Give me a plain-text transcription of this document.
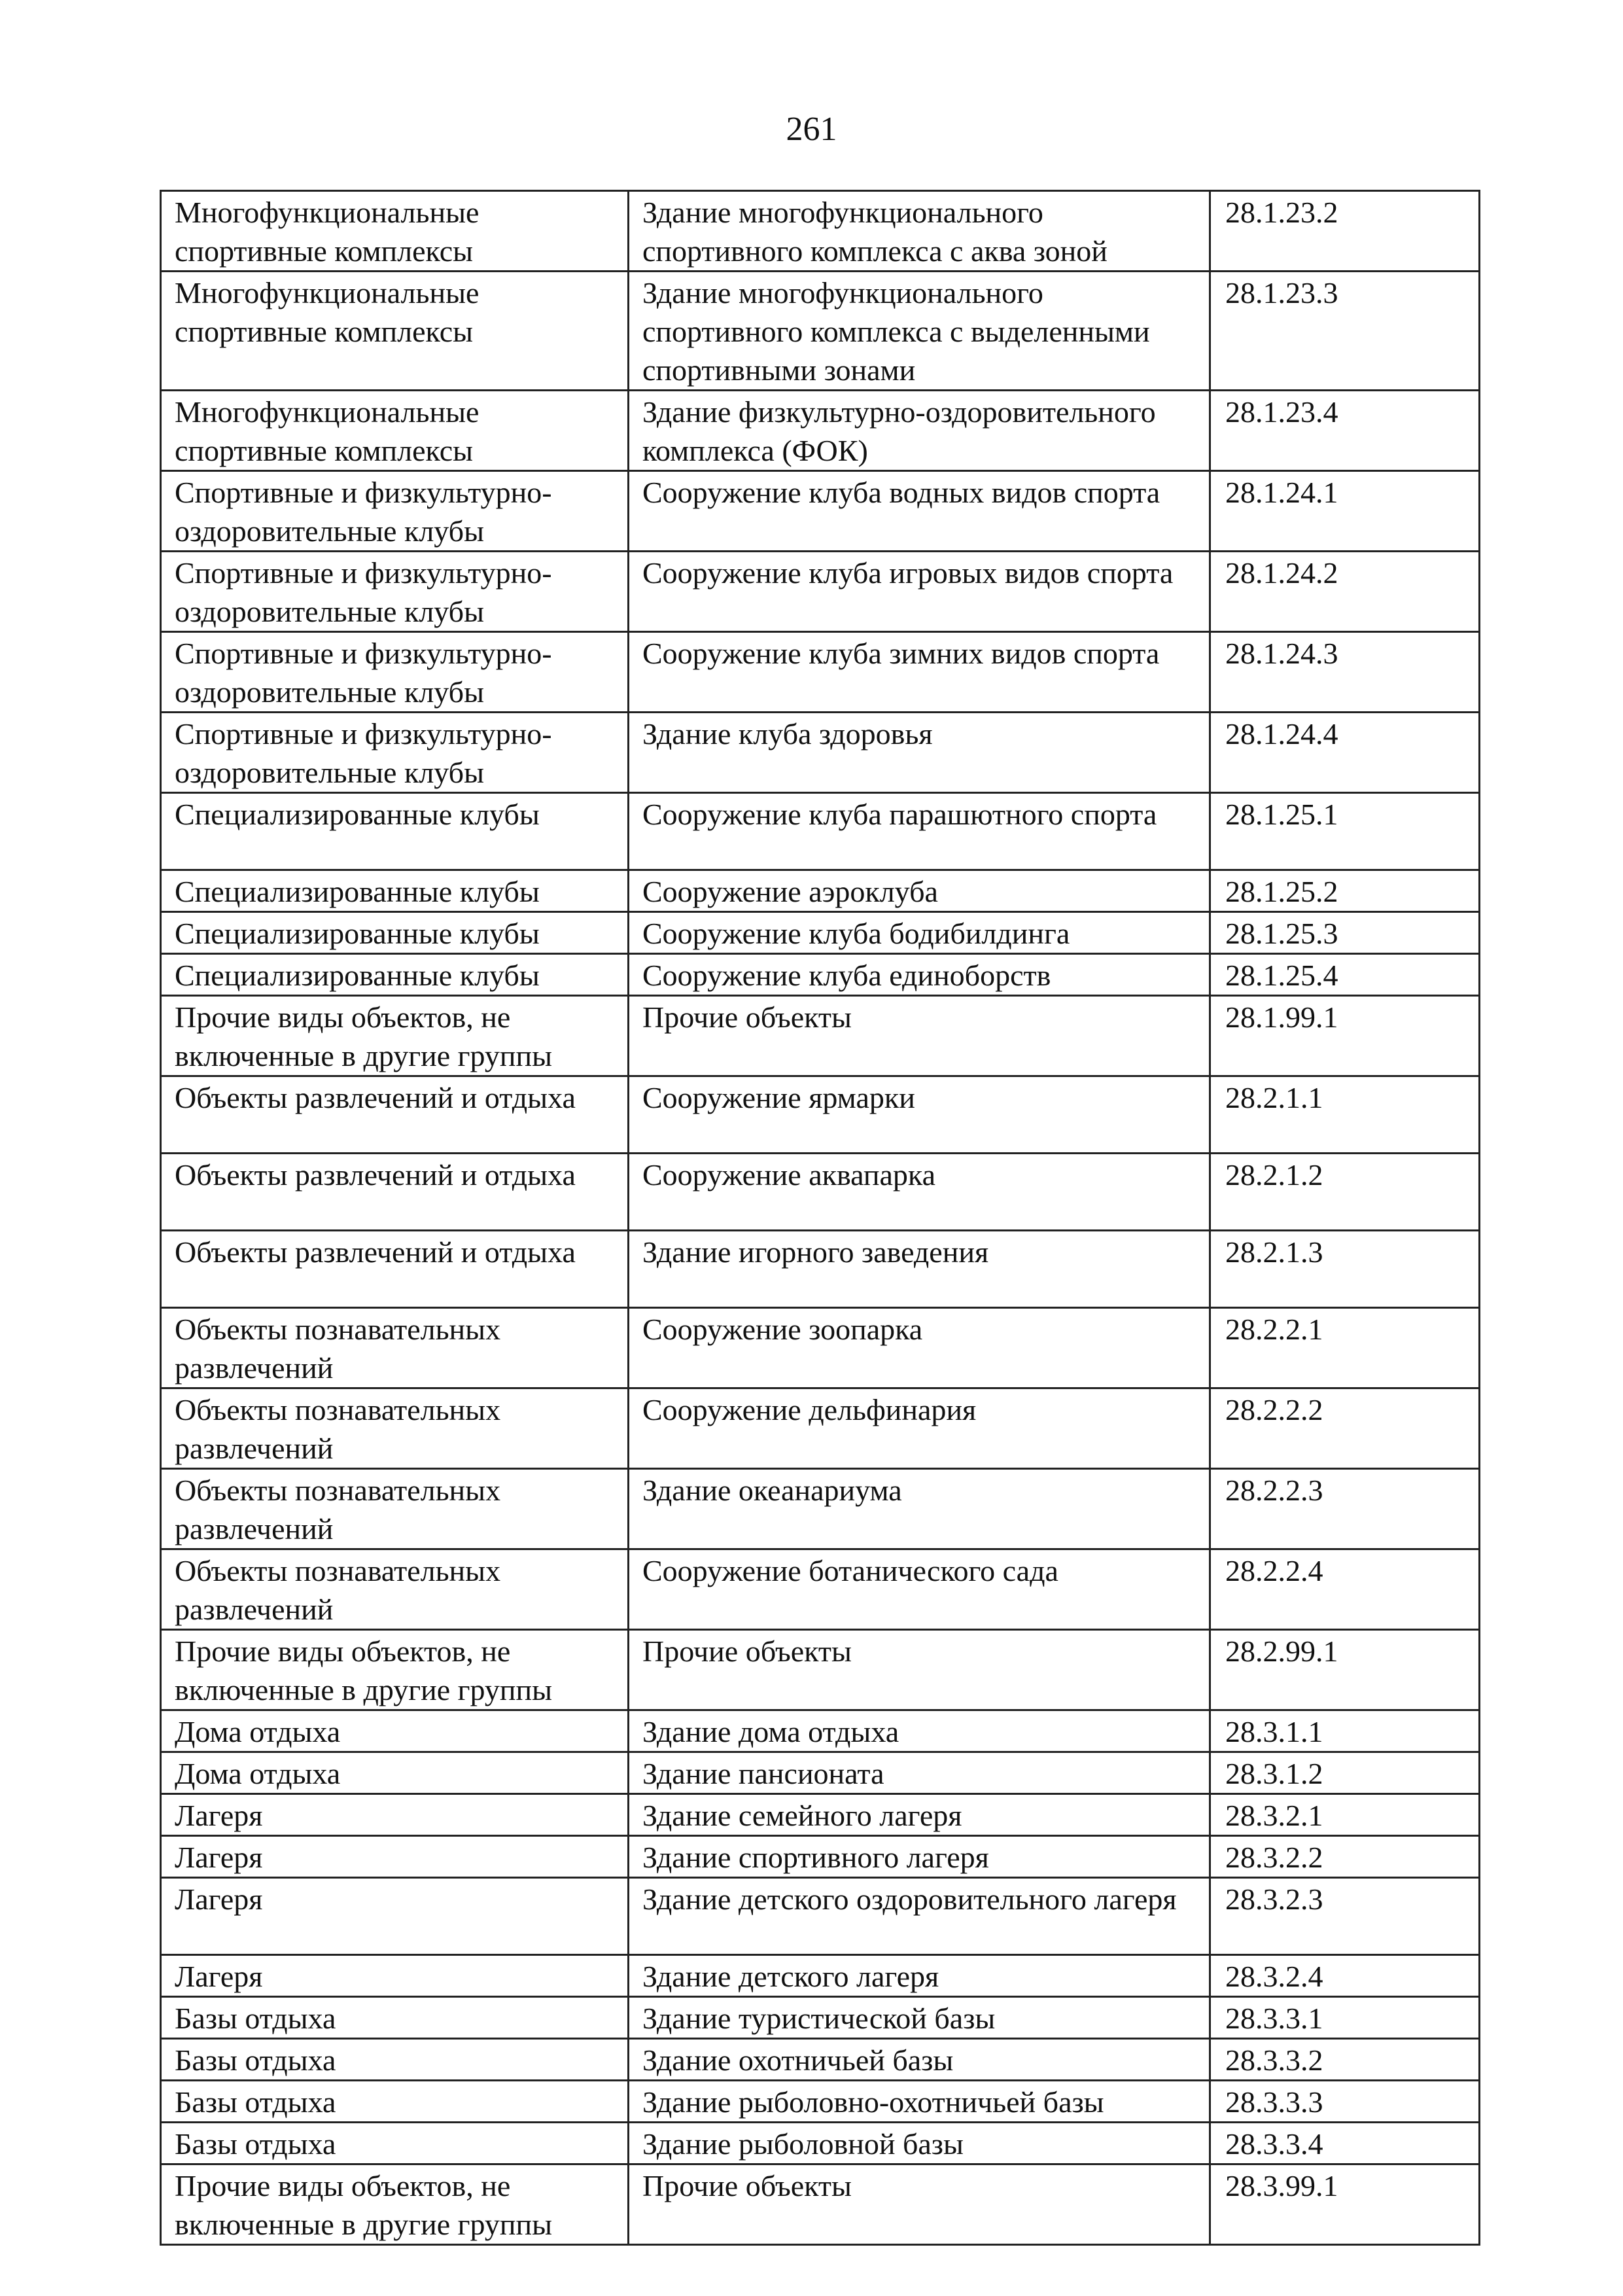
261
Многофункциональные спортивные комплексы	Здание многофункционального спортивного комплекса с аква зоной	28.1.23.2
Многофункциональные спортивные комплексы	Здание многофункционального спортивного комплекса с выделенными спортивными зонами	28.1.23.3
Многофункциональные спортивные комплексы	Здание физкультурно-оздоровительного комплекса (ФОК)	28.1.23.4
Спортивные и физкультурно-оздоровительные клубы	Сооружение клуба водных видов спорта	28.1.24.1
Спортивные и физкультурно-оздоровительные клубы	Сооружение клуба игровых видов спорта	28.1.24.2
Спортивные и физкультурно-оздоровительные клубы	Сооружение клуба зимних видов спорта	28.1.24.3
Спортивные и физкультурно-оздоровительные клубы	Здание клуба здоровья	28.1.24.4
Специализированные клубы	Сооружение клуба парашютного спорта	28.1.25.1
Специализированные клубы	Сооружение аэроклуба	28.1.25.2
Специализированные клубы	Сооружение клуба бодибилдинга	28.1.25.3
Специализированные клубы	Сооружение клуба единоборств	28.1.25.4
Прочие виды объектов, не включенные в другие группы	Прочие объекты	28.1.99.1
Объекты развлечений и отдыха	Сооружение ярмарки	28.2.1.1
Объекты развлечений и отдыха	Сооружение аквапарка	28.2.1.2
Объекты развлечений и отдыха	Здание игорного заведения	28.2.1.3
Объекты познавательных развлечений	Сооружение зоопарка	28.2.2.1
Объекты познавательных развлечений	Сооружение дельфинария	28.2.2.2
Объекты познавательных развлечений	Здание океанариума	28.2.2.3
Объекты познавательных развлечений	Сооружение ботанического сада	28.2.2.4
Прочие виды объектов, не включенные в другие группы	Прочие объекты	28.2.99.1
Дома отдыха	Здание дома отдыха	28.3.1.1
Дома отдыха	Здание пансионата	28.3.1.2
Лагеря	Здание семейного лагеря	28.3.2.1
Лагеря	Здание спортивного лагеря	28.3.2.2
Лагеря	Здание детского оздоровительного лагеря	28.3.2.3
Лагеря	Здание детского лагеря	28.3.2.4
Базы отдыха	Здание туристической базы	28.3.3.1
Базы отдыха	Здание охотничьей базы	28.3.3.2
Базы отдыха	Здание рыболовно-охотничьей базы	28.3.3.3
Базы отдыха	Здание рыболовной базы	28.3.3.4
Прочие виды объектов, не включенные в другие группы	Прочие объекты	28.3.99.1
